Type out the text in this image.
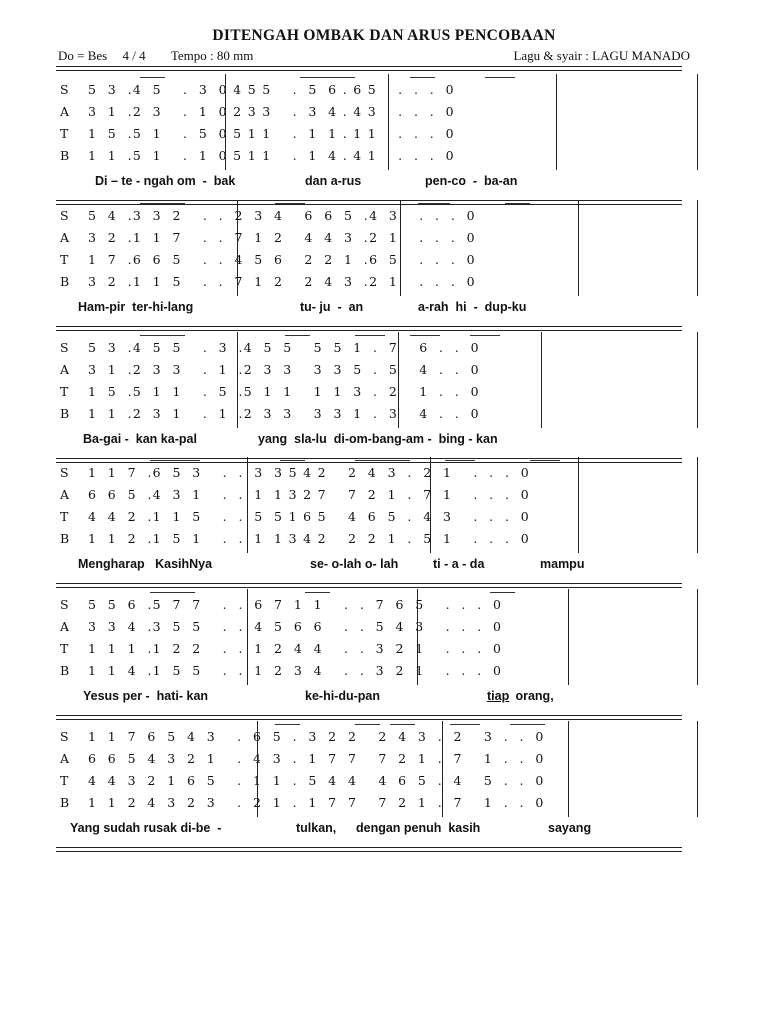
DITENGAH OMBAK DAN ARUS PENCOBAAN
Do = Bes 4 / 4 Tempo : 80 mm	Lagu & syair : LAGU MANADO
S 5  3  .4  5    .  3  0 4 5 5    .  5  6 . 6 5    .  .  .  0
A 3  1  .2  3    .  1  0 2 3 3    .  3  4 . 4 3    .  .  .  0
T 1  5  .5  1    .  5  0 5 1 1    .  1  1 . 1 1    .  .  .  0
B 1  1  .5  1    .  1  0 5 1 1    .  1  4 . 4 1    .  .  .  0
Di – te - ngah om  -  bak	dan a-rus	pen-co  -  ba-an
S 5  4  .3  3  2    .  .  2  3  4    6  6  5  .4  3    .  .  .  0
A 3  2  .1  1  7    .  .  7  1  2    4  4  3  .2  1    .  .  .  0
T 1  7  .6  6  5    .  .  4  5  6    2  2  1  .6  5    .  .  .  0
B 3  2  .1  1  5    .  .  7  1  2    2  4  3  .2  1    .  .  .  0
Ham-pir  ter-hi-lang	tu- ju  -  an	a-rah  hi  -  dup-ku
S 5  3  .4  5  5    .  3  .4  5  5    5  5  1  .  7    6  .  .  0
A 3  1  .2  3  3    .  1  .2  3  3    3  3  5  .  5    4  .  .  0
T 1  5  .5  1  1    .  5  .5  1  1    1  1  3  .  2    1  .  .  0
B 1  1  .2  3  1    .  1  .2  3  3    3  3  1  .  3    4  .  .  0
Ba-gai -  kan ka-pal	yang  sla-lu  di-om-bang-am -  bing - kan
S 1  1  7  .6  5  3    .  .  3  3 5 4 2    2  4  3  .  2  1    .  .  .  0
A 6  6  5  .4  3  1    .  .  1  1 3 2 7    7  2  1  .  7  1    .  .  .  0
T 4  4  2  .1  1  5    .  .  5  5 1 6 5    4  6  5  .  4  3    .  .  .  0
B 1  1  2  .1  5  1    .  .  1  1 3 4 2    2  2  1  .  5  1    .  .  .  0
Mengharap   KasihNya	se- o-lah o- lah	ti - a - da	mampu
S 5  5  6  .5  7  7    .  .  6  7  1  1    .  .  7  6  5    .  .  .  0
A 3  3  4  .3  5  5    .  .  4  5  6  6    .  .  5  4  3    .  .  .  0
T 1  1  1  .1  2  2    .  .  1  2  4  4    .  .  3  2  1    .  .  .  0
B 1  1  4  .1  5  5    .  .  1  2  3  4    .  .  3  2  1    .  .  .  0
Yesus per -  hati- kan	ke-hi-du-pan	tiap orang,
S 1  1  7  6  5  4  3    .  6  5  .  3  2  2    2  4  3  .  2    3  .  .  0
A 6  6  5  4  3  2  1    .  4  3  .  1  7  7    7  2  1  .  7    1  .  .  0
T 4  4  3  2  1  6  5    .  1  1  .  5  4  4    4  6  5  .  4    5  .  .  0
B 1  1  2  4  3  2  3    .  2  1  .  1  7  7    7  2  1  .  7    1  .  .  0
Yang sudah rusak di-be  -	tulkan, dengan penuh  kasih	sayang
